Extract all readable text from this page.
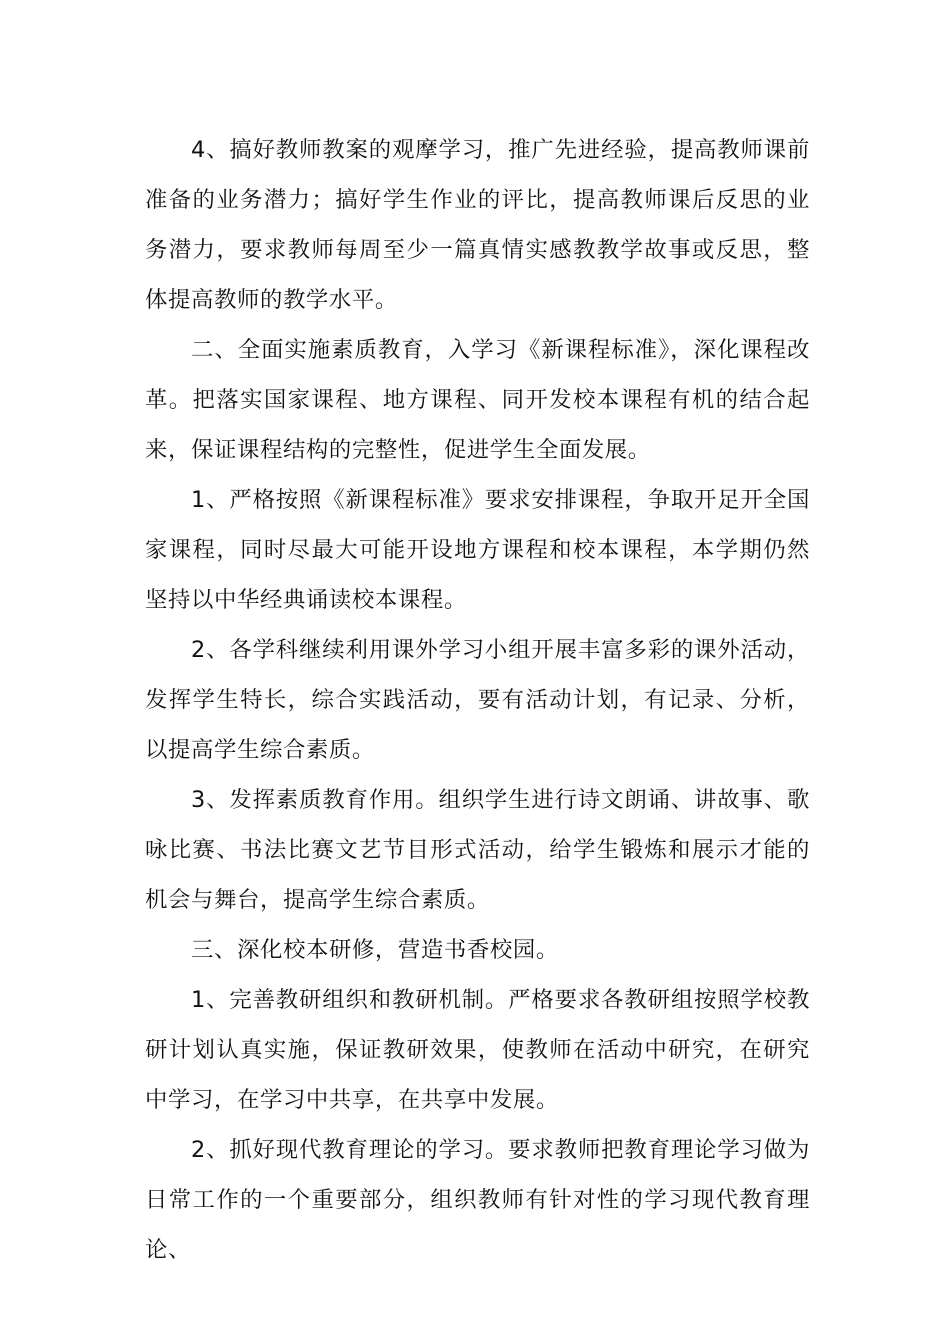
4、搞好教师教案的观摩学习，推广先进经验，提高教师课前准备的业务潜力；搞好学生作业的评比，提高教师课后反思的业务潜力，要求教师每周至少一篇真情实感教教学故事或反思，整体提高教师的教学水平。

二、全面实施素质教育，入学习《新课程标准》，深化课程改革。把落实国家课程、地方课程、同开发校本课程有机的结合起来，保证课程结构的完整性，促进学生全面发展。

1、严格按照《新课程标准》要求安排课程，争取开足开全国家课程，同时尽最大可能开设地方课程和校本课程，本学期仍然坚持以中华经典诵读校本课程。

2、各学科继续利用课外学习小组开展丰富多彩的课外活动，发挥学生特长，综合实践活动，要有活动计划，有记录、分析，以提高学生综合素质。

3、发挥素质教育作用。组织学生进行诗文朗诵、讲故事、歌咏比赛、书法比赛文艺节目形式活动，给学生锻炼和展示才能的机会与舞台，提高学生综合素质。

三、深化校本研修，营造书香校园。

1、完善教研组织和教研机制。严格要求各教研组按照学校教研计划认真实施，保证教研效果，使教师在活动中研究，在研究中学习，在学习中共享，在共享中发展。

2、抓好现代教育理论的学习。要求教师把教育理论学习做为日常工作的一个重要部分，组织教师有针对性的学习现代教育理论、
